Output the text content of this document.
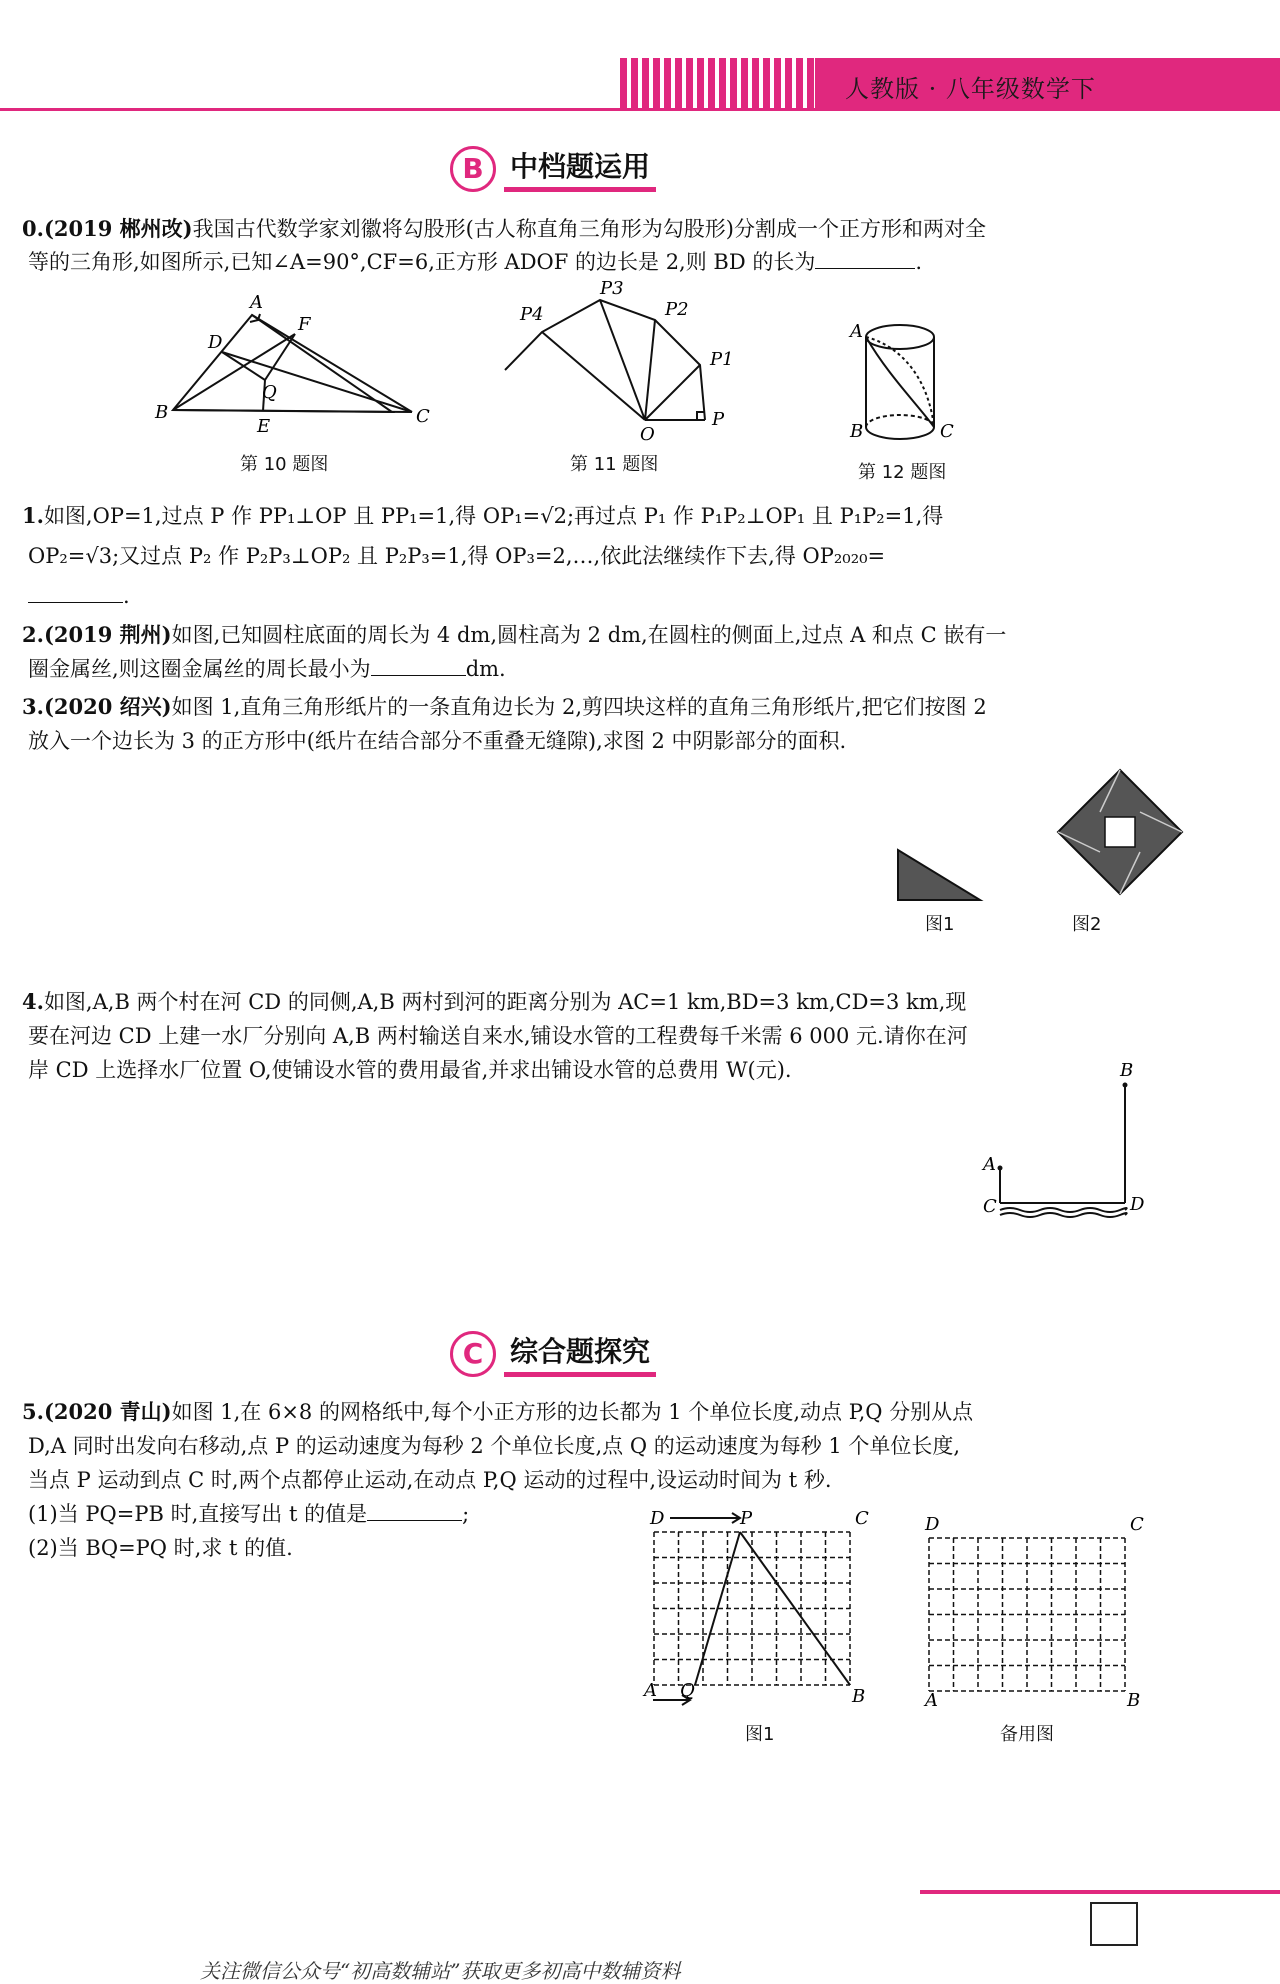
人教版 · 八年级数学下
B 中档题运用
0.(2019 郴州改)我国古代数学家刘徽将勾股形(古人称直角三角形为勾股形)分割成一个正方形和两对全
等的三角形,如图所示,已知∠A=90°,CF=6,正方形 ADOF 的边长是 2,则 BD 的长为	.
A
D
F
Q
B
E	C
第 10 题图
P4
P3
P2
P1
P
O
第 11 题图
A
B	C
第 12 题图
1.如图,OP=1,过点 P 作 PP₁⊥OP 且 PP₁=1,得 OP₁=√2;再过点 P₁ 作 P₁P₂⊥OP₁ 且 P₁P₂=1,得
OP₂=√3;又过点 P₂ 作 P₂P₃⊥OP₂ 且 P₂P₃=1,得 OP₃=2,…,依此法继续作下去,得 OP₂₀₂₀=
.
2.(2019 荆州)如图,已知圆柱底面的周长为 4 dm,圆柱高为 2 dm,在圆柱的侧面上,过点 A 和点 C 嵌有一
圈金属丝,则这圈金属丝的周长最小为	dm.
3.(2020 绍兴)如图 1,直角三角形纸片的一条直角边长为 2,剪四块这样的直角三角形纸片,把它们按图 2
放入一个边长为 3 的正方形中(纸片在结合部分不重叠无缝隙),求图 2 中阴影部分的面积.
图1	图2
4.如图,A,B 两个村在河 CD 的同侧,A,B 两村到河的距离分别为 AC=1 km,BD=3 km,CD=3 km,现
要在河边 CD 上建一水厂分别向 A,B 两村输送自来水,铺设水管的工程费每千米需 6 000 元.请你在河
岸 CD 上选择水厂位置 O,使铺设水管的费用最省,并求出铺设水管的总费用 W(元).	B
A
C	D
C 综合题探究
5.(2020 青山)如图 1,在 6×8 的网格纸中,每个小正方形的边长都为 1 个单位长度,动点 P,Q 分别从点
D,A 同时出发向右移动,点 P 的运动速度为每秒 2 个单位长度,点 Q 的运动速度为每秒 1 个单位长度,
当点 P 运动到点 C 时,两个点都停止运动,在动点 P,Q 运动的过程中,设运动时间为 t 秒.
(1)当 PQ=PB 时,直接写出 t 的值是	;
(2)当 BQ=PQ 时,求 t 的值.
D	P	C
A Q	B
图1
D	C
A	B
备用图
关注微信公众号“初高数辅站”获取更多初高中数辅资料
